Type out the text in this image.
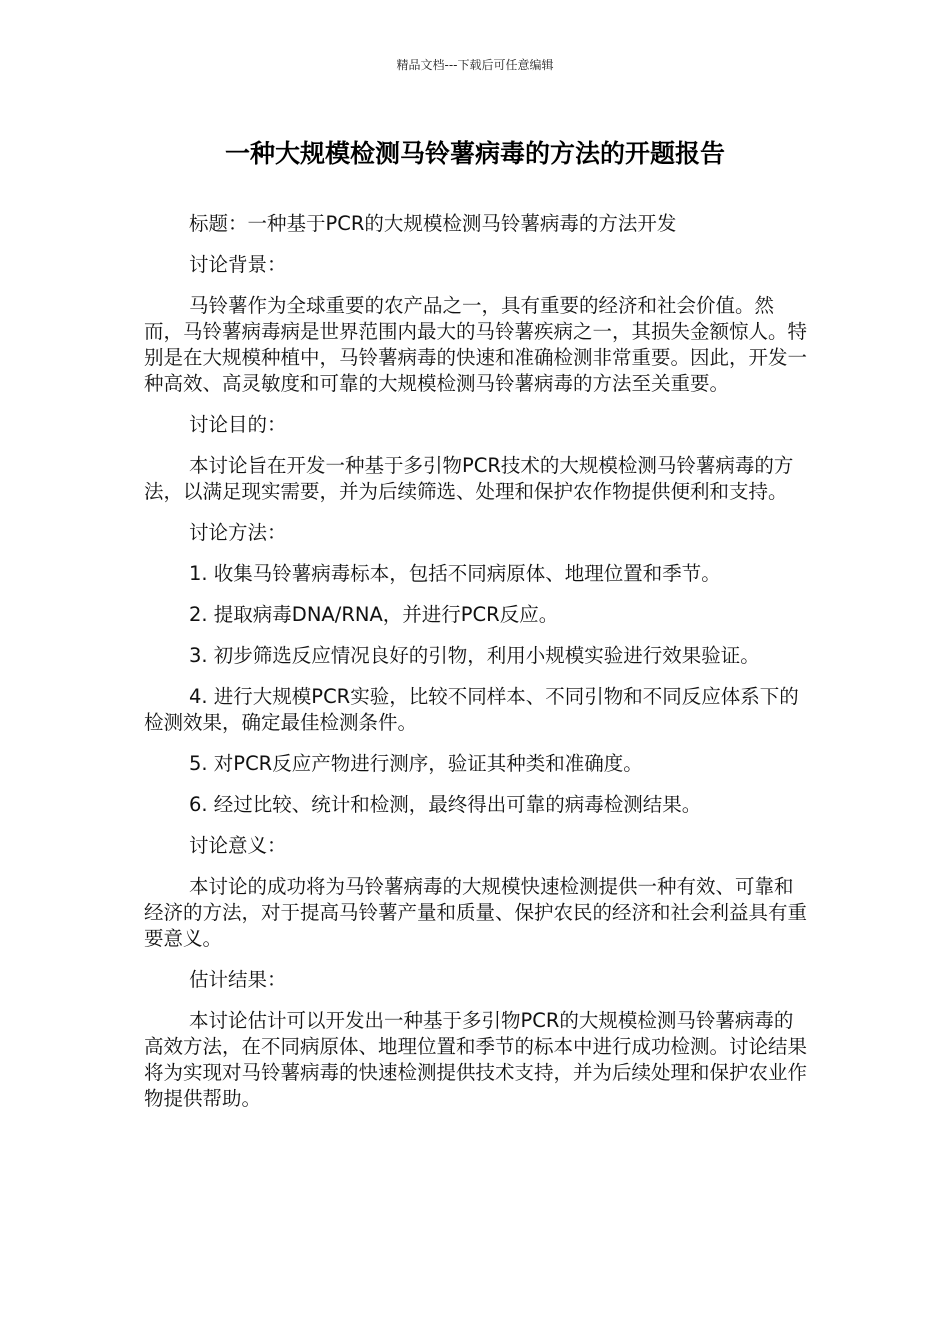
精品文档---下载后可任意编辑
一种大规模检测马铃薯病毒的方法的开题报告

标题：一种基于PCR的大规模检测马铃薯病毒的方法开发

讨论背景：

马铃薯作为全球重要的农产品之一，具有重要的经济和社会价值。然而，马铃薯病毒病是世界范围内最大的马铃薯疾病之一，其损失金额惊人。特别是在大规模种植中，马铃薯病毒的快速和准确检测非常重要。因此，开发一种高效、高灵敏度和可靠的大规模检测马铃薯病毒的方法至关重要。

讨论目的：

本讨论旨在开发一种基于多引物PCR技术的大规模检测马铃薯病毒的方法，以满足现实需要，并为后续筛选、处理和保护农作物提供便利和支持。

讨论方法：

1. 收集马铃薯病毒标本，包括不同病原体、地理位置和季节。

2. 提取病毒DNA/RNA，并进行PCR反应。

3. 初步筛选反应情况良好的引物，利用小规模实验进行效果验证。

4. 进行大规模PCR实验，比较不同样本、不同引物和不同反应体系下的检测效果，确定最佳检测条件。

5. 对PCR反应产物进行测序，验证其种类和准确度。

6. 经过比较、统计和检测，最终得出可靠的病毒检测结果。

讨论意义：

本讨论的成功将为马铃薯病毒的大规模快速检测提供一种有效、可靠和经济的方法，对于提高马铃薯产量和质量、保护农民的经济和社会利益具有重要意义。

估计结果：

本讨论估计可以开发出一种基于多引物PCR的大规模检测马铃薯病毒的高效方法，在不同病原体、地理位置和季节的标本中进行成功检测。讨论结果将为实现对马铃薯病毒的快速检测提供技术支持，并为后续处理和保护农业作物提供帮助。
